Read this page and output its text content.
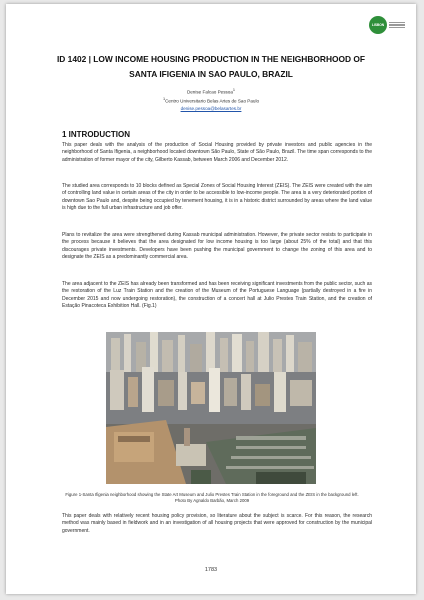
LISBON
ID 1402 | LOW INCOME HOUSING PRODUCTION IN THE NEIGHBORHOOD OF SANTA IFIGENIA IN SAO PAULO, BRAZIL
Denise Falcao Pessoa$^1$
$^1$Centro Universitario Belas Artes de Sao Paulo
denise.pessoa@belasartes.br
1 INTRODUCTION
This paper deals with the analysis of the production of Social Housing provided by private investors and public agencies in the neighborhood of Santa Ifigenia, a neighborhood located downtown São Paulo, State of São Paulo, Brazil. The time span corresponds to the administration of former mayor of the city, Gilberto Kassab, between March 2006 and December 2012.
The studied area corresponds to 10 blocks defined as Special Zones of Social Housing Interest (ZEIS). The ZEIS were created with the aim of controlling land value in certain areas of the city in order to be accessible to low-income people. The area is a very deteriorated portion of downtown Sao Paulo and, despite being occupied by tenement housing, it is in a historic district surrounded by areas where the land value is high due to the full urban infrastructure and job offer.
Plans to revitalize the area were strengthened during Kassab municipal administration. However, the private sector resists to participate in the process because it believes that the area designated for low income housing is too large (about 25% of the total) and that this discourages private investments. Developers have been pushing the municipal government to change the zoning of this area and to designate the ZEIS as a predominantly commercial area.
The area adjacent to the ZEIS has already been transformed and has been receiving significant investments from the public sector, such as the restoration of the Luz Train Station and the creation of the Museum of the Portuguese Language (partially destroyed in a fire in December 2015 and now undergoing restoration), the construction of a concert hall at Julio Prestes Train Station, and the creation of Estação Pinacoteca Exhibition Hall. (Fig.1)
Figure 1-Santa Ifigenia neighborhood showing the State Art Museum and Julio Prestes Train Station in the foreground and the ZEIS in the background left. Photo By Agnaldo Barbão, March 2009
This paper deals with relatively recent housing policy provision, so literature about the subject is scarce. For this reason, the research method was mainly based in fieldwork and in an investigation of all housing projects that were approved for construction by the municipal government.
1783
